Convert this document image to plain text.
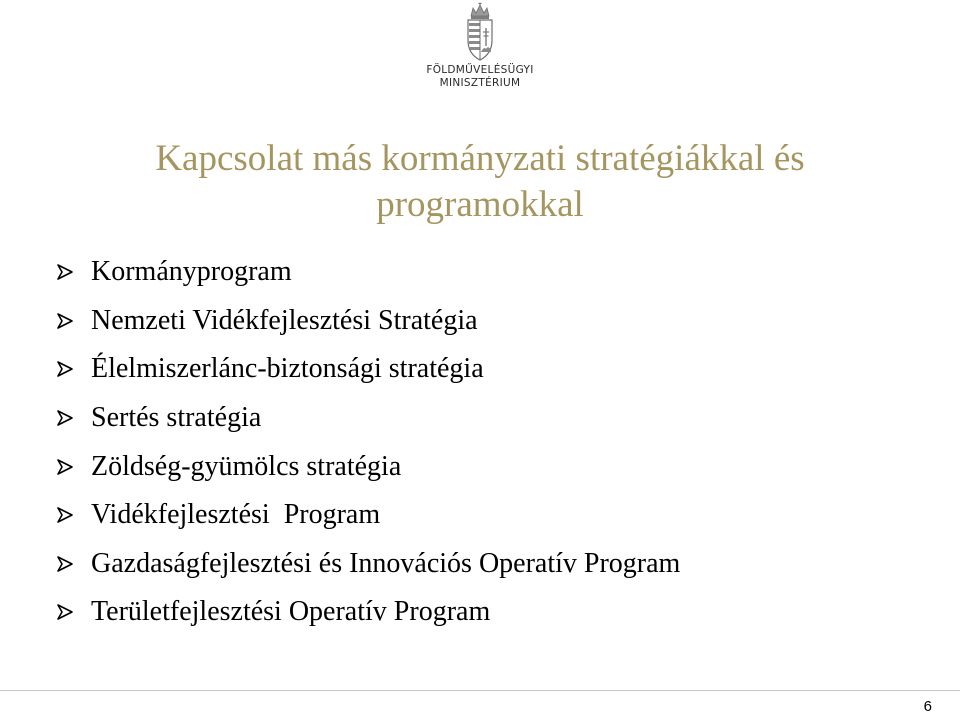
FÖLDMŰVELÉSÜGYI
MINISZTÉRIUM
Kapcsolat más kormányzati stratégiákkal és
programokkal
Kormányprogram
Nemzeti Vidékfejlesztési Stratégia
Élelmiszerlánc-biztonsági stratégia
Sertés stratégia
Zöldség-gyümölcs stratégia
Vidékfejlesztési  Program
Gazdaságfejlesztési és Innovációs Operatív Program
Területfejlesztési Operatív Program
6
